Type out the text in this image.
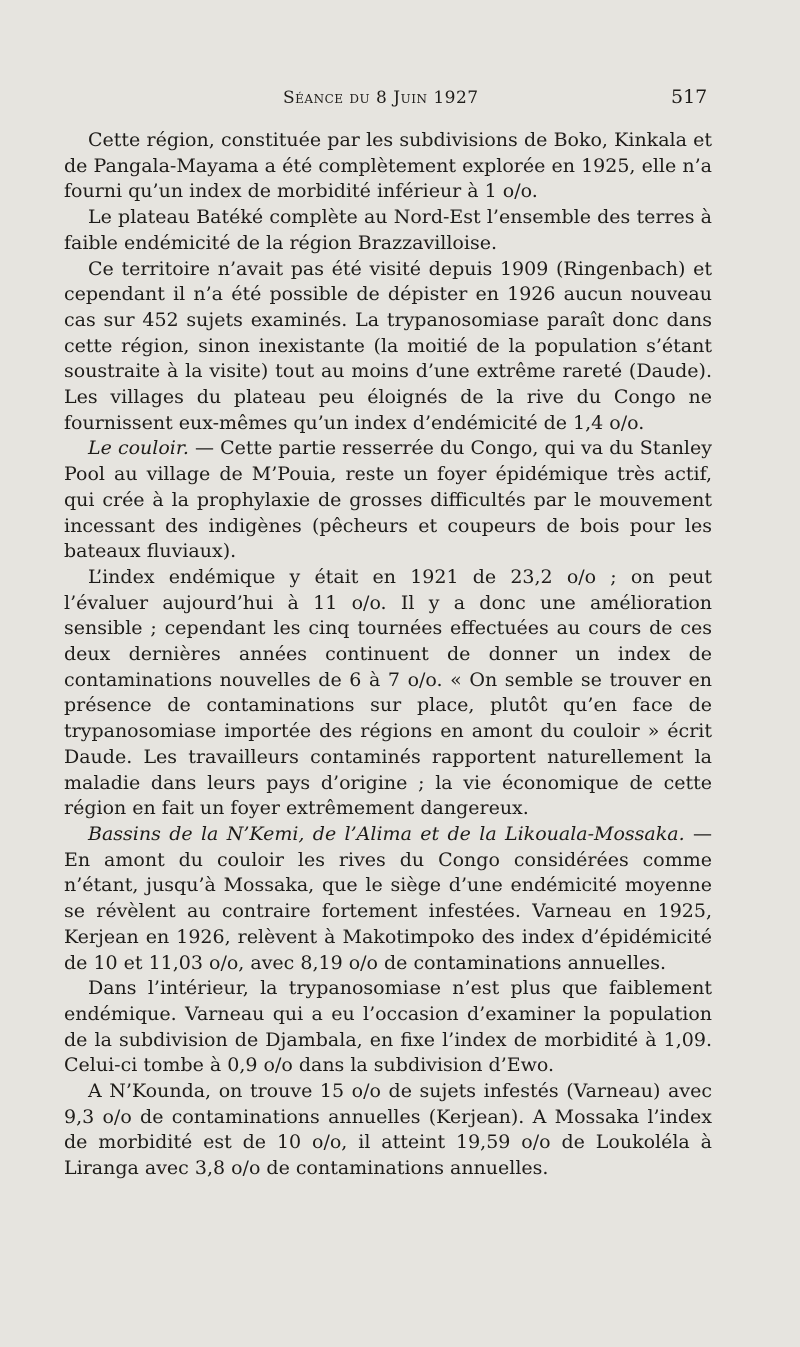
Séance du 8 Juin 1927	517

Cette région, constituée par les subdivisions de Boko, Kinkala et de Pangala-Mayama a été complètement explorée en 1925, elle n’a fourni qu’un index de morbidité inférieur à 1 o/o.

Le plateau Batéké complète au Nord-Est l’ensemble des terres à faible endémicité de la région Brazzavilloise.

Ce territoire n’avait pas été visité depuis 1909 (Ringenbach) et cependant il n’a été possible de dépister en 1926 aucun nouveau cas sur 452 sujets examinés. La trypanosomiase paraît donc dans cette région, sinon inexistante (la moitié de la population s’étant soustraite à la visite) tout au moins d’une extrême rareté (Daude). Les villages du plateau peu éloignés de la rive du Congo ne fournissent eux-mêmes qu’un index d’endémicité de 1,4 o/o.

Le couloir. — Cette partie resserrée du Congo, qui va du Stanley Pool au village de M’Pouia, reste un foyer épidémique très actif, qui crée à la prophylaxie de grosses difficultés par le mouvement incessant des indigènes (pêcheurs et coupeurs de bois pour les bateaux fluviaux).

L’index endémique y était en 1921 de 23,2 o/o ; on peut l’évaluer aujourd’hui à 11 o/o. Il y a donc une amélioration sensible ; cependant les cinq tournées effectuées au cours de ces deux dernières années continuent de donner un index de contaminations nouvelles de 6 à 7 o/o. « On semble se trouver en présence de contaminations sur place, plutôt qu’en face de trypanosomiase importée des régions en amont du couloir » écrit Daude. Les travailleurs contaminés rapportent naturellement la maladie dans leurs pays d’origine ; la vie économique de cette région en fait un foyer extrêmement dangereux.

Bassins de la N’Kemi, de l’Alima et de la Likouala-Mossaka. — En amont du couloir les rives du Congo considérées comme n’étant, jusqu’à Mossaka, que le siège d’une endémicité moyenne se révèlent au contraire fortement infestées. Varneau en 1925, Kerjean en 1926, relèvent à Makotimpoko des index d’épidémicité de 10 et 11,03 o/o, avec 8,19 o/o de contaminations annuelles.

Dans l’intérieur, la trypanosomiase n’est plus que faiblement endémique. Varneau qui a eu l’occasion d’examiner la population de la subdivision de Djambala, en fixe l’index de morbidité à 1,09. Celui-ci tombe à 0,9 o/o dans la subdivision d’Ewo.

A N’Kounda, on trouve 15 o/o de sujets infestés (Varneau) avec 9,3 o/o de contaminations annuelles (Kerjean). A Mossaka l’index de morbidité est de 10 o/o, il atteint 19,59 o/o de Loukoléla à Liranga avec 3,8 o/o de contaminations annuelles.
